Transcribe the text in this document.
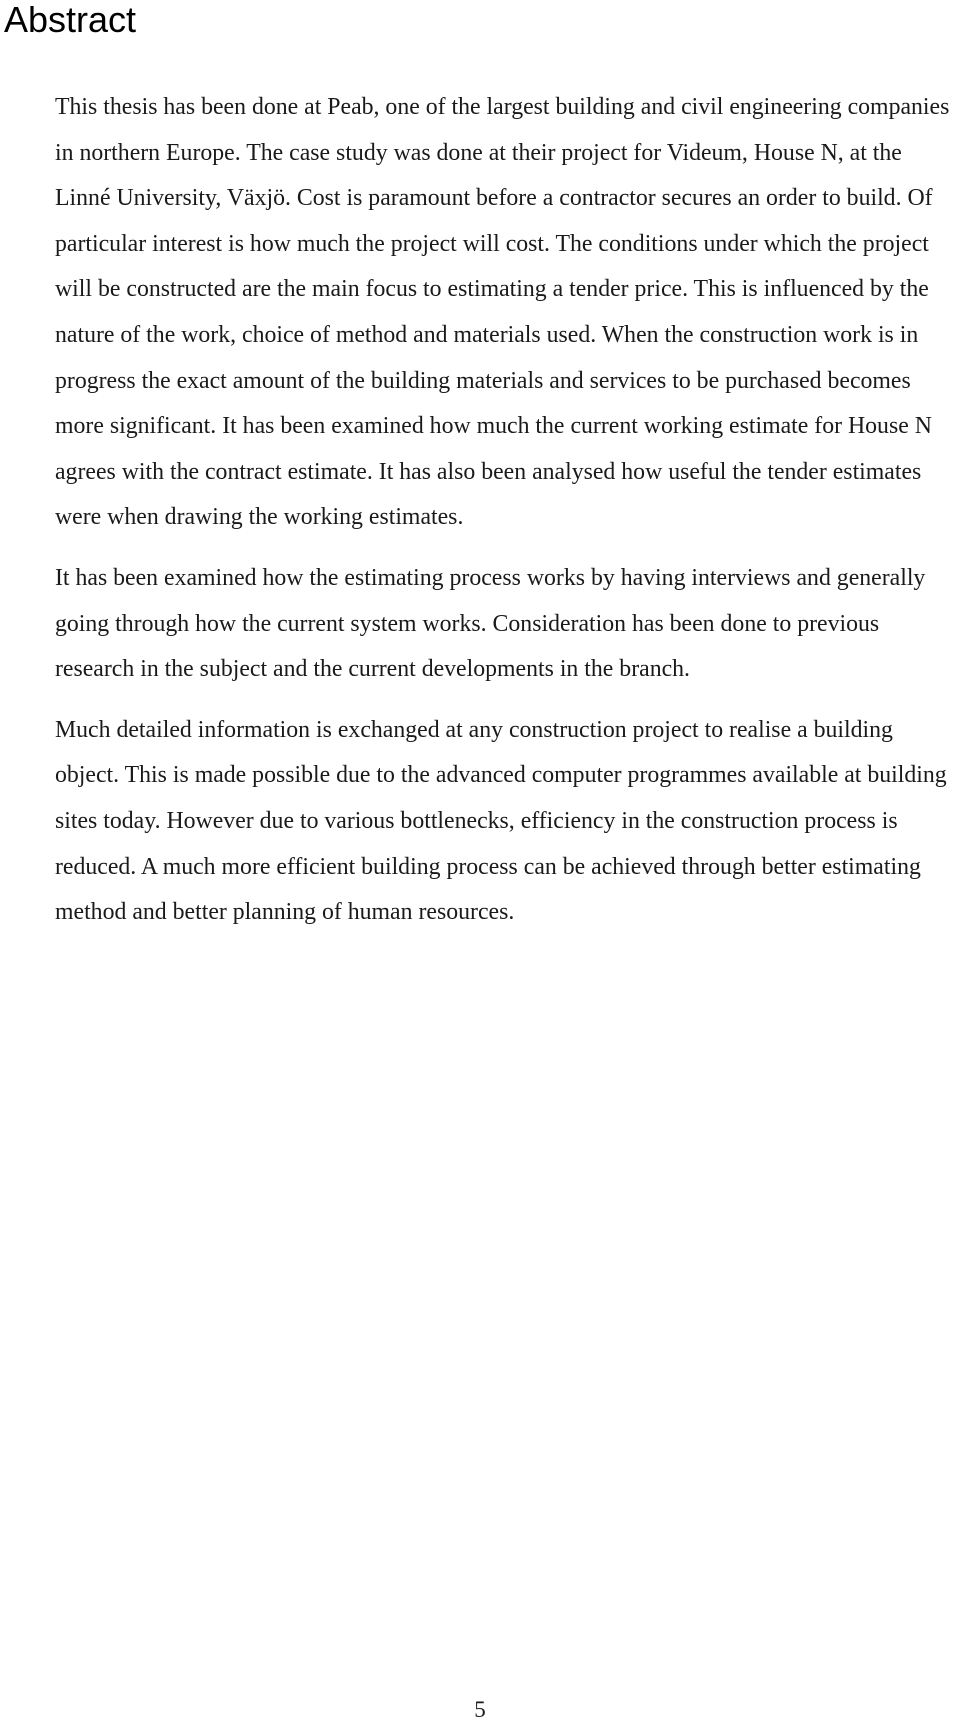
Abstract

This thesis has been done at Peab, one of the largest building and civil engineering companies in northern Europe. The case study was done at their project for Videum, House N, at the Linné University, Växjö. Cost is paramount before a contractor secures an order to build. Of particular interest is how much the project will cost. The conditions under which the project will be constructed are the main focus to estimating a tender price. This is influenced by the nature of the work, choice of method and materials used. When the construction work is in progress the exact amount of the building materials and services to be purchased becomes more significant. It has been examined how much the current working estimate for House N agrees with the contract estimate. It has also been analysed how useful the tender estimates were when drawing the working estimates.

It has been examined how the estimating process works by having interviews and generally going through how the current system works. Consideration has been done to previous research in the subject and the current developments in the branch.

Much detailed information is exchanged at any construction project to realise a building object. This is made possible due to the advanced computer programmes available at building sites today. However due to various bottlenecks, efficiency in the construction process is reduced. A much more efficient building process can be achieved through better estimating method and better planning of human resources.

5
